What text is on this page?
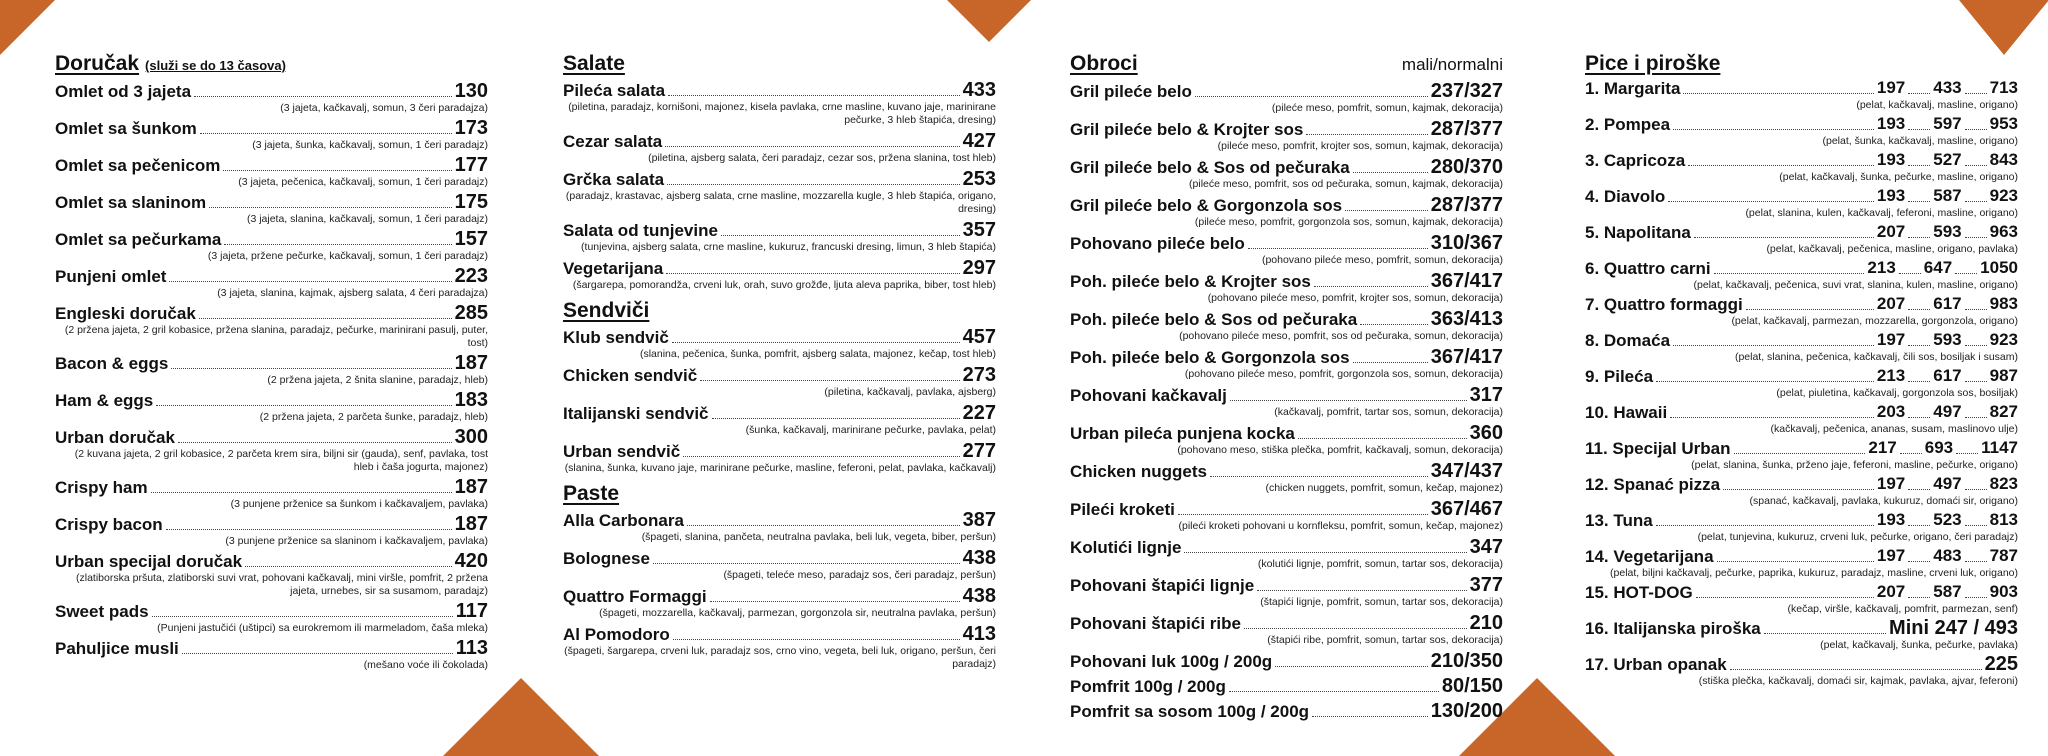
Doručak (služi se do 13 časova)
Omlet od 3 jajeta	130
(3 jajeta, kačkavalj, somun, 3 čeri paradajza)
Omlet sa šunkom	173
(3 jajeta, šunka, kačkavalj, somun, 1 čeri paradajz)
Omlet sa pečenicom	177
(3 jajeta, pečenica, kačkavalj, somun, 1 čeri paradajz)
Omlet sa slaninom	175
(3 jajeta, slanina, kačkavalj, somun, 1 čeri paradajz)
Omlet sa pečurkama	157
(3 jajeta, pržene pečurke, kačkavalj, somun, 1 čeri paradajz)
Punjeni omlet	223
(3 jajeta, slanina, kajmak, ajsberg salata, 4 čeri paradajza)
Engleski doručak	285
(2 pržena jajeta, 2 gril kobasice, pržena slanina, paradajz, pečurke, marinirani pasulj, puter, tost)
Bacon & eggs	187
(2 pržena jajeta, 2 šnita slanine, paradajz, hleb)
Ham & eggs	183
(2 pržena jajeta, 2 parčeta šunke, paradajz, hleb)
Urban doručak	300
(2 kuvana jajeta, 2 gril kobasice, 2 parčeta krem sira, biljni sir (gauda), senf, pavlaka, tost hleb i čaša jogurta, majonez)
Crispy ham	187
(3 punjene prženice sa šunkom i kačkavaljem, pavlaka)
Crispy bacon	187
(3 punjene prženice sa slaninom i kačkavaljem, pavlaka)
Urban specijal doručak	420
(zlatiborska pršuta, zlatiborski suvi vrat, pohovani kačkavalj, mini viršle, pomfrit, 2 pržena jajeta, urnebes, sir sa susamom, paradajz)
Sweet pads	117
(Punjeni jastučići (uštipci) sa eurokremom ili marmeladom, čaša mleka)
Pahuljice musli	113
(mešano voće ili čokolada)
Salate
Pileća salata	433
(piletina, paradajz, kornišoni, majonez, kisela pavlaka, crne masline, kuvano jaje, marinirane pečurke, 3 hleb štapića, dresing)
Cezar salata	427
(piletina, ajsberg salata, čeri paradajz, cezar sos, pržena slanina, tost hleb)
Grčka salata	253
(paradajz, krastavac, ajsberg salata, crne masline, mozzarella kugle, 3 hleb štapića, origano, dresing)
Salata od tunjevine	357
(tunjevina, ajsberg salata, crne masline, kukuruz, francuski dresing, limun, 3 hleb štapića)
Vegetarijana	297
(šargarepa, pomorandža, crveni luk, orah, suvo grožđe, ljuta aleva paprika, biber, tost hleb)
Sendviči
Klub sendvič	457
(slanina, pečenica, šunka, pomfrit, ajsberg salata, majonez, kečap, tost hleb)
Chicken sendvič	273
(piletina, kačkavalj, pavlaka, ajsberg)
Italijanski sendvič	227
(šunka, kačkavalj, marinirane pečurke, pavlaka, pelat)
Urban sendvič	277
(slanina, šunka, kuvano jaje, marinirane pečurke, masline, feferoni, pelat, pavlaka, kačkavalj)
Paste
Alla Carbonara	387
(špageti, slanina, pančeta, neutralna pavlaka, beli luk, vegeta, biber, peršun)
Bolognese	438
(špageti, teleće meso, paradajz sos, čeri paradajz, peršun)
Quattro Formaggi	438
(špageti, mozzarella, kačkavalj, parmezan, gorgonzola sir, neutralna pavlaka, peršun)
Al Pomodoro	413
(špageti, šargarepa, crveni luk, paradajz sos, crno vino, vegeta, beli luk, origano, peršun, čeri paradajz)
Obroci	mali/normalni
Gril pileće belo	237/327
(pileće meso, pomfrit, somun, kajmak, dekoracija)
Gril pileće belo & Krojter sos	287/377
(pileće meso, pomfrit, krojter sos, somun, kajmak, dekoracija)
Gril pileće belo & Sos od pečuraka	280/370
(pileće meso, pomfrit, sos od pečuraka, somun, kajmak, dekoracija)
Gril pileće belo & Gorgonzola sos	287/377
(pileće meso, pomfrit, gorgonzola sos, somun, kajmak, dekoracija)
Pohovano pileće belo	310/367
(pohovano pileće meso, pomfrit, somun, dekoracija)
Poh. pileće belo & Krojter sos	367/417
(pohovano pileće meso, pomfrit, krojter sos, somun, dekoracija)
Poh. pileće belo & Sos od pečuraka	363/413
(pohovano pileće meso, pomfrit, sos od pečuraka, somun, dekoracija)
Poh. pileće belo & Gorgonzola sos	367/417
(pohovano pileće meso, pomfrit, gorgonzola sos, somun, dekoracija)
Pohovani kačkavalj	317
(kačkavalj, pomfrit, tartar sos, somun, dekoracija)
Urban pileća punjena kocka	360
(pohovano meso, stiška plečka, pomfrit, kačkavalj, somun, dekoracija)
Chicken nuggets	347/437
(chicken nuggets, pomfrit, somun, kečap, majonez)
Pileći kroketi	367/467
(pileći kroketi pohovani u kornfleksu, pomfrit, somun, kečap, majonez)
Kolutići lignje	347
(kolutići lignje, pomfrit, somun, tartar sos, dekoracija)
Pohovani štapići lignje	377
(štapići lignje, pomfrit, somun, tartar sos, dekoracija)
Pohovani štapići ribe	210
(štapići ribe, pomfrit, somun, tartar sos, dekoracija)
Pohovani luk 100g / 200g	210/350
Pomfrit 100g / 200g	80/150
Pomfrit sa sosom 100g / 200g	130/200
Pice i piroške
1. Margarita	197 433 713
(pelat, kačkavalj, masline, origano)
2. Pompea	193 597 953
(pelat, šunka, kačkavalj, masline, origano)
3. Capricoza	193 527 843
(pelat, kačkavalj, šunka, pečurke, masline, origano)
4. Diavolo	193 587 923
(pelat, slanina, kulen, kačkavalj, feferoni, masline, origano)
5. Napolitana	207 593 963
(pelat, kačkavalj, pečenica, masline, origano, pavlaka)
6. Quattro carni	213 647 1050
(pelat, kačkavalj, pečenica, suvi vrat, slanina, kulen, masline, origano)
7. Quattro formaggi	207 617 983
(pelat, kačkavalj, parmezan, mozzarella, gorgonzola, origano)
8. Domaća	197 593 923
(pelat, slanina, pečenica, kačkavalj, čili sos, bosiljak i susam)
9. Pileća	213 617 987
(pelat, piuletina, kačkavalj, gorgonzola sos, bosiljak)
10. Hawaii	203 497 827
(kačkavalj, pečenica, ananas, susam, maslinovo ulje)
11. Specijal Urban	217 693 1147
(pelat, slanina, šunka, prženo jaje, feferoni, masline, pečurke, origano)
12. Spanać pizza	197 497 823
(spanać, kačkavalj, pavlaka, kukuruz, domaći sir, origano)
13. Tuna	193 523 813
(pelat, tunjevina, kukuruz, crveni luk, pečurke, origano, čeri paradajz)
14. Vegetarijana	197 483 787
(pelat, biljni kačkavalj, pečurke, paprika, kukuruz, paradajz, masline, crveni luk, origano)
15. HOT-DOG	207 587 903
(kečap, viršle, kačkavalj, pomfrit, parmezan, senf)
16. Italijanska piroška	Mini 247 / 493
(pelat, kačkavalj, šunka, pečurke, pavlaka)
17. Urban opanak	225
(stiška plečka, kačkavalj, domaći sir, kajmak, pavlaka, ajvar, feferoni)
